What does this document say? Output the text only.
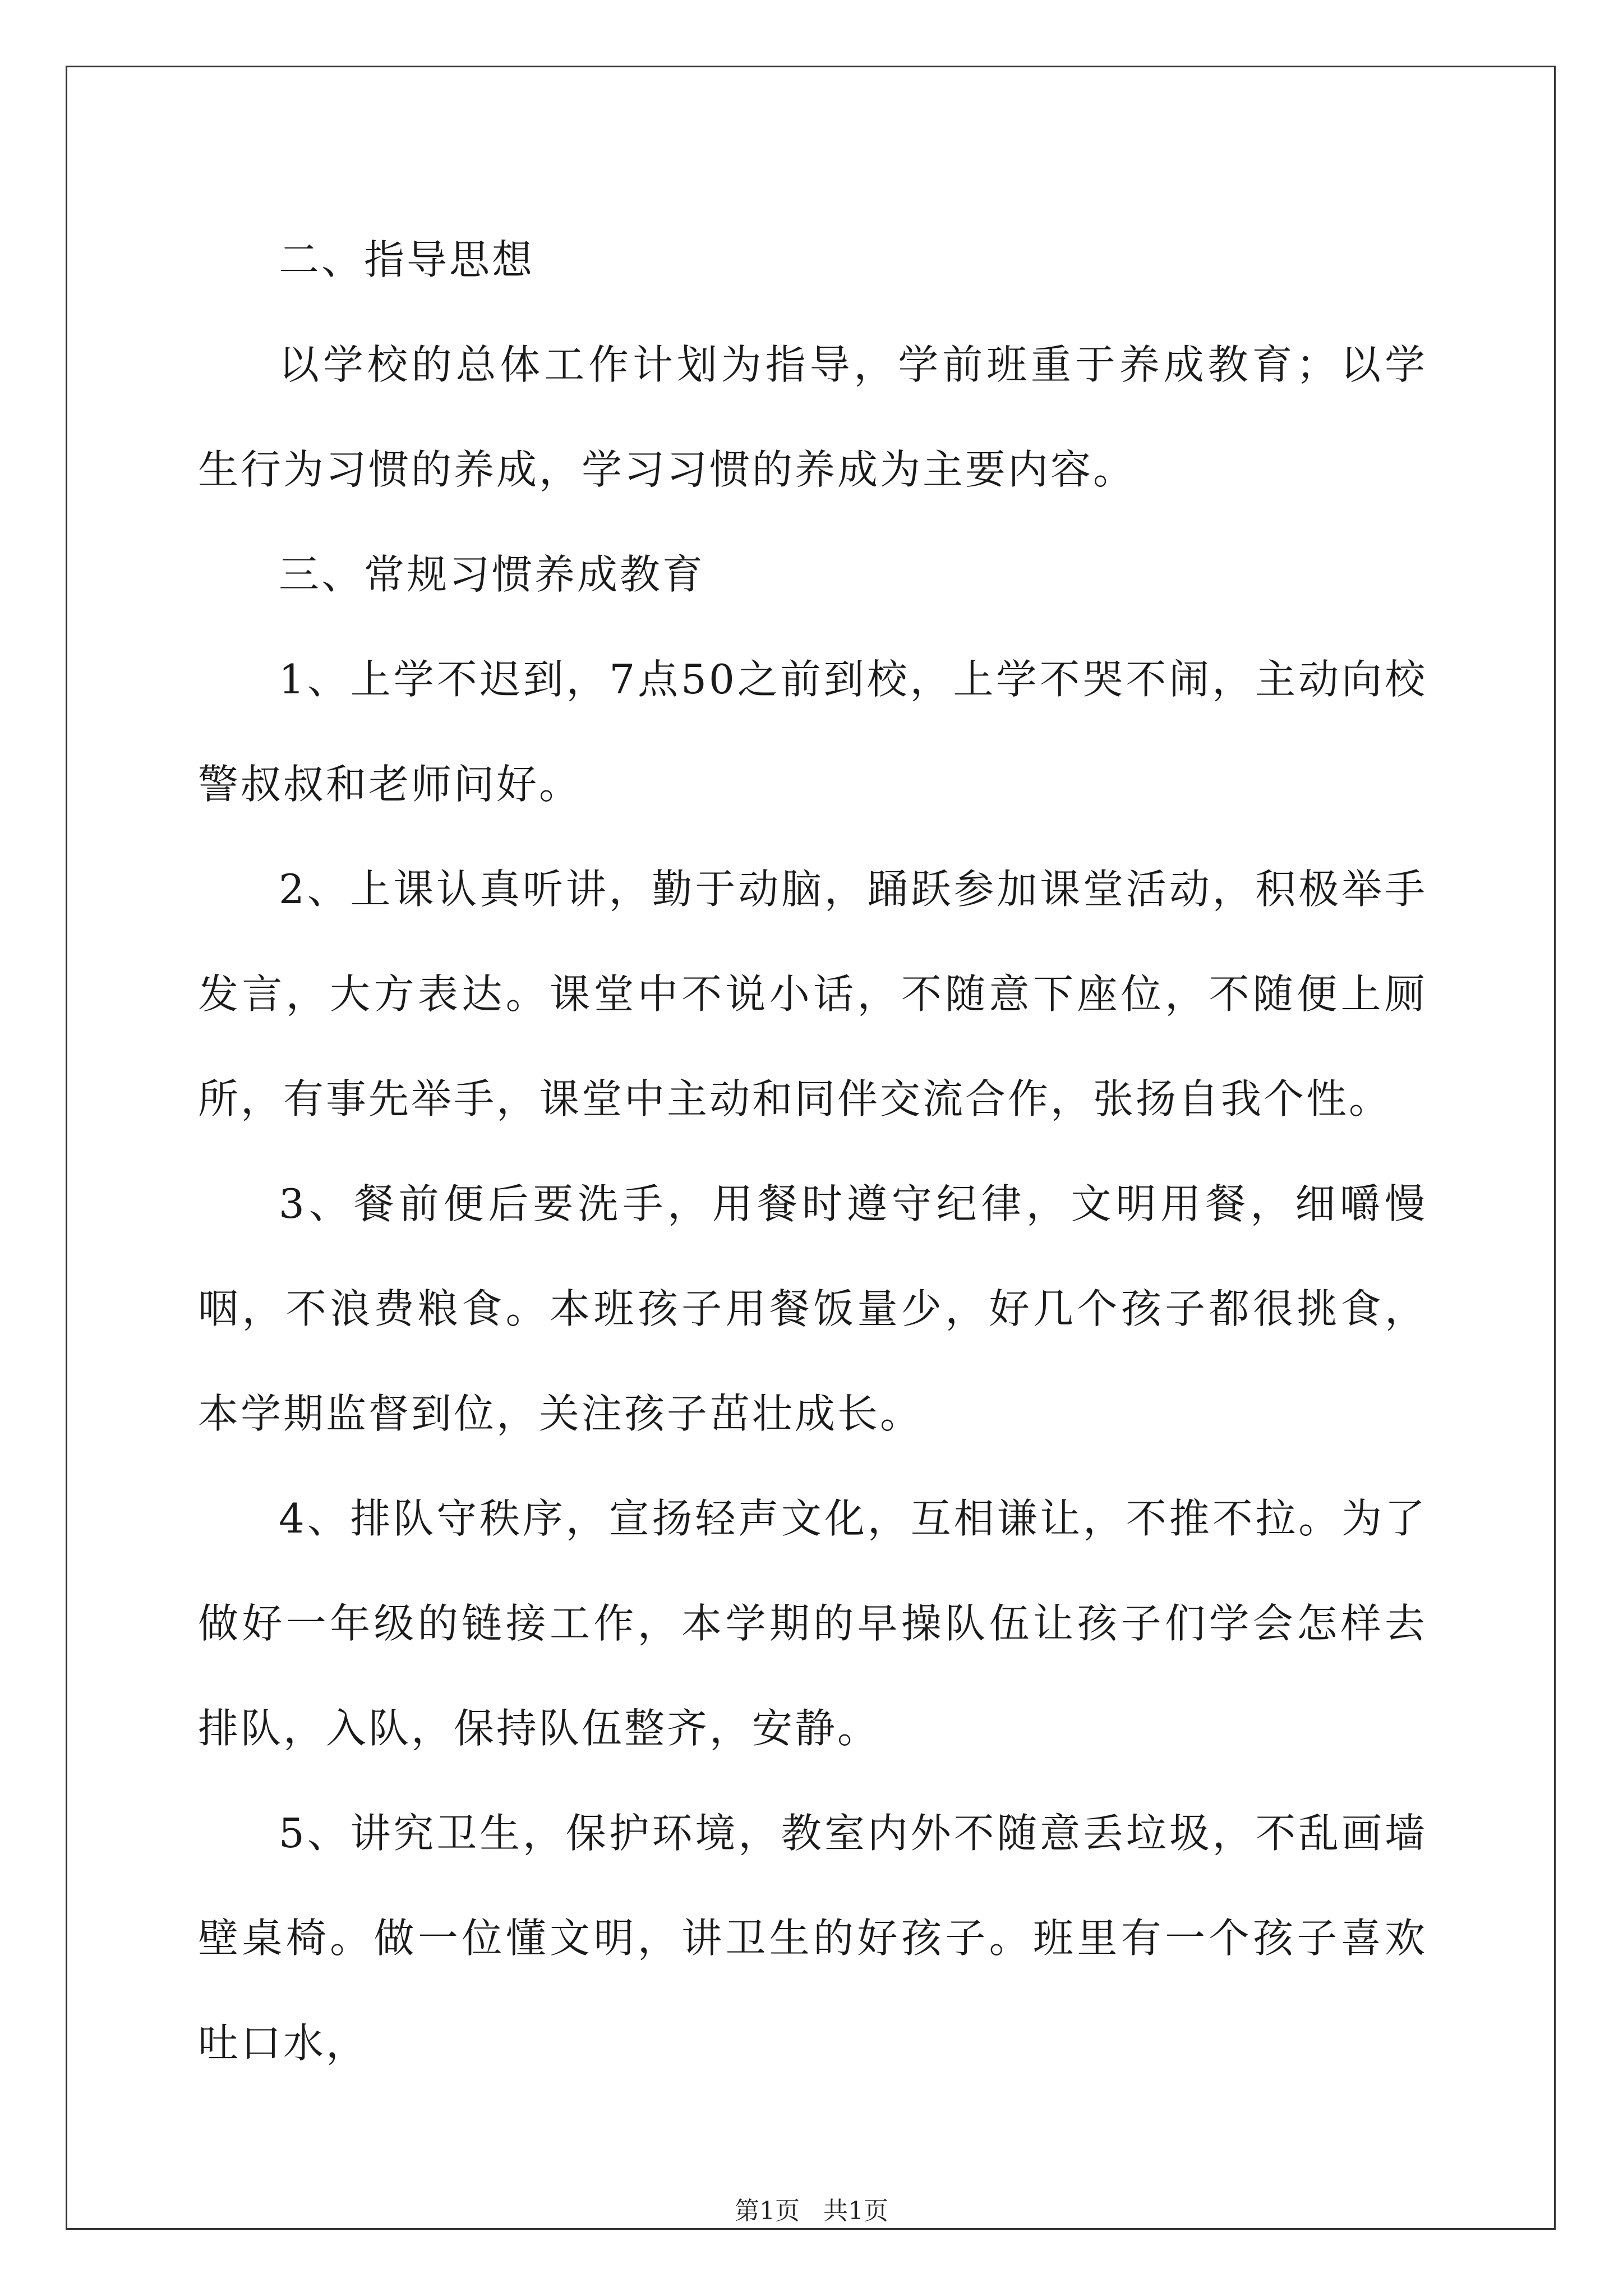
二、指导思想

以学校的总体工作计划为指导，学前班重于养成教育；以学生行为习惯的养成，学习习惯的养成为主要内容。

三、常规习惯养成教育

1、上学不迟到，7点50之前到校，上学不哭不闹，主动向校警叔叔和老师问好。

2、上课认真听讲，勤于动脑，踊跃参加课堂活动，积极举手发言，大方表达。课堂中不说小话，不随意下座位，不随便上厕所，有事先举手，课堂中主动和同伴交流合作，张扬自我个性。

3、餐前便后要洗手，用餐时遵守纪律，文明用餐，细嚼慢咽，不浪费粮食。本班孩子用餐饭量少，好几个孩子都很挑食，本学期监督到位，关注孩子茁壮成长。

4、排队守秩序，宣扬轻声文化，互相谦让，不推不拉。为了做好一年级的链接工作，本学期的早操队伍让孩子们学会怎样去排队，入队，保持队伍整齐，安静。

5、讲究卫生，保护环境，教室内外不随意丢垃圾，不乱画墙壁桌椅。做一位懂文明，讲卫生的好孩子。班里有一个孩子喜欢吐口水，

第1页 共1页
